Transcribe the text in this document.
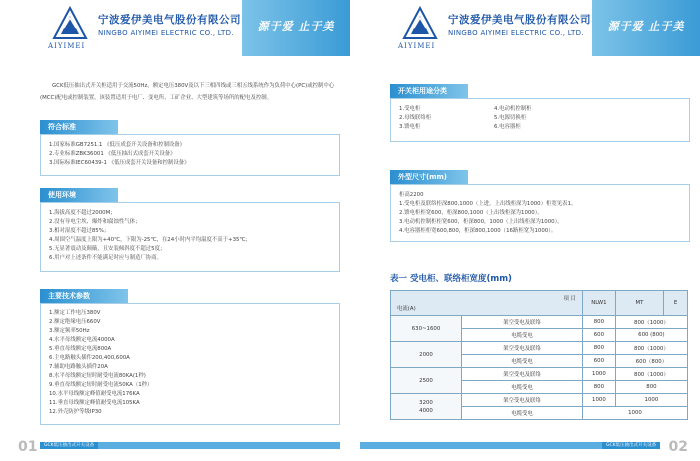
AIYIMEI
宁波爱伊美电气股份有限公司
NINGBO AIYIMEI ELECTRIC CO., LTD.	源于爱 止于美

GCK低压抽出式开关柜适用于交流50Hz，额定电压380V及以下三相四线或三相五线系统作为负荷中心(PC)或控制中心(MCC)配电或控制装置，该装置适用于电厂、变电所、工矿企业、大型建筑等场所的配电及控制。

符合标准
1.国家标准GB7251.1 《低压成套开关设备和控制设备》
2.专业标准ZBK36001 《低压抽出式成套开关设备》
3.国际标准IEC60439-1 《低压成套开关设备和控制设备》
使用环境
1.海拔高度不超过2000M；
2.没有导电尘埃、爆炸和腐蚀性气体；
3.相对湿度不超过85%；
4.周围空气温度上限为+40℃，下限为-25℃，在24小时内平均温度不高于+35℃；
5.无显著震动及颠簸，且安装倾斜度不超过5度；
6.用户对上述条件不能满足时应与制造厂协商。
主要技术参数
1.额定工作电压380V
2.额定绝缘电压660V
3.额定频率50Hz
4.水平母线额定电流4000A
5.垂直母线额定电流800A
6.主电路触头插件200,400,600A
7.辅助电路触头插件20A
8.水平母线额定短时耐受电流80KA(1秒)
9.垂直母线额定短时耐受电流50KA（1秒）
10.水平母线额定峰值耐受电流176KA
11.垂直母线额定峰值耐受电流105KA
12.外壳防护等级IP30
01	GCK低压抽出式开关设备
AIYIMEI
宁波爱伊美电气股份有限公司
NINGBO AIYIMEI ELECTRIC CO., LTD.	源于爱 止于美
开关柜用途分类
1.受电柜	4.电动机控制柜
2.母线联络柜	5.电源切换柜
3.馈电柜	6.电容器柜
外型尺寸(mm)
柜高2200
1.受电柜及联络柜深800,1000（上进，上出线柜深为1000）柜宽见表1。
2.馈电柜柜宽600，柜深800,1000（上出线柜深为1000）。
3.电动机控制柜柜宽600，柜深800，1000（上出线柜深为1000）。
4.电容器柜柜宽600,800，柜深800,1000（16路柜宽为1000）。
表一 受电柜、联络柜宽度(mm)
项 目
电流(A)		NLW1	MT	E
630~1600	架空受电及联络	800	800（1000）	
	电缆受电	600	600 (800)	
2000	架空受电及联络	800	800（1000）	
	电缆受电	600	600（800）	
2500	架空受电及联络	1000	800（1000）	
	电缆受电	800	800	

3200
4000	架空受电及联络	1000	1000	
	电缆受电	1000		
02
GCK低压抽出式开关设备
